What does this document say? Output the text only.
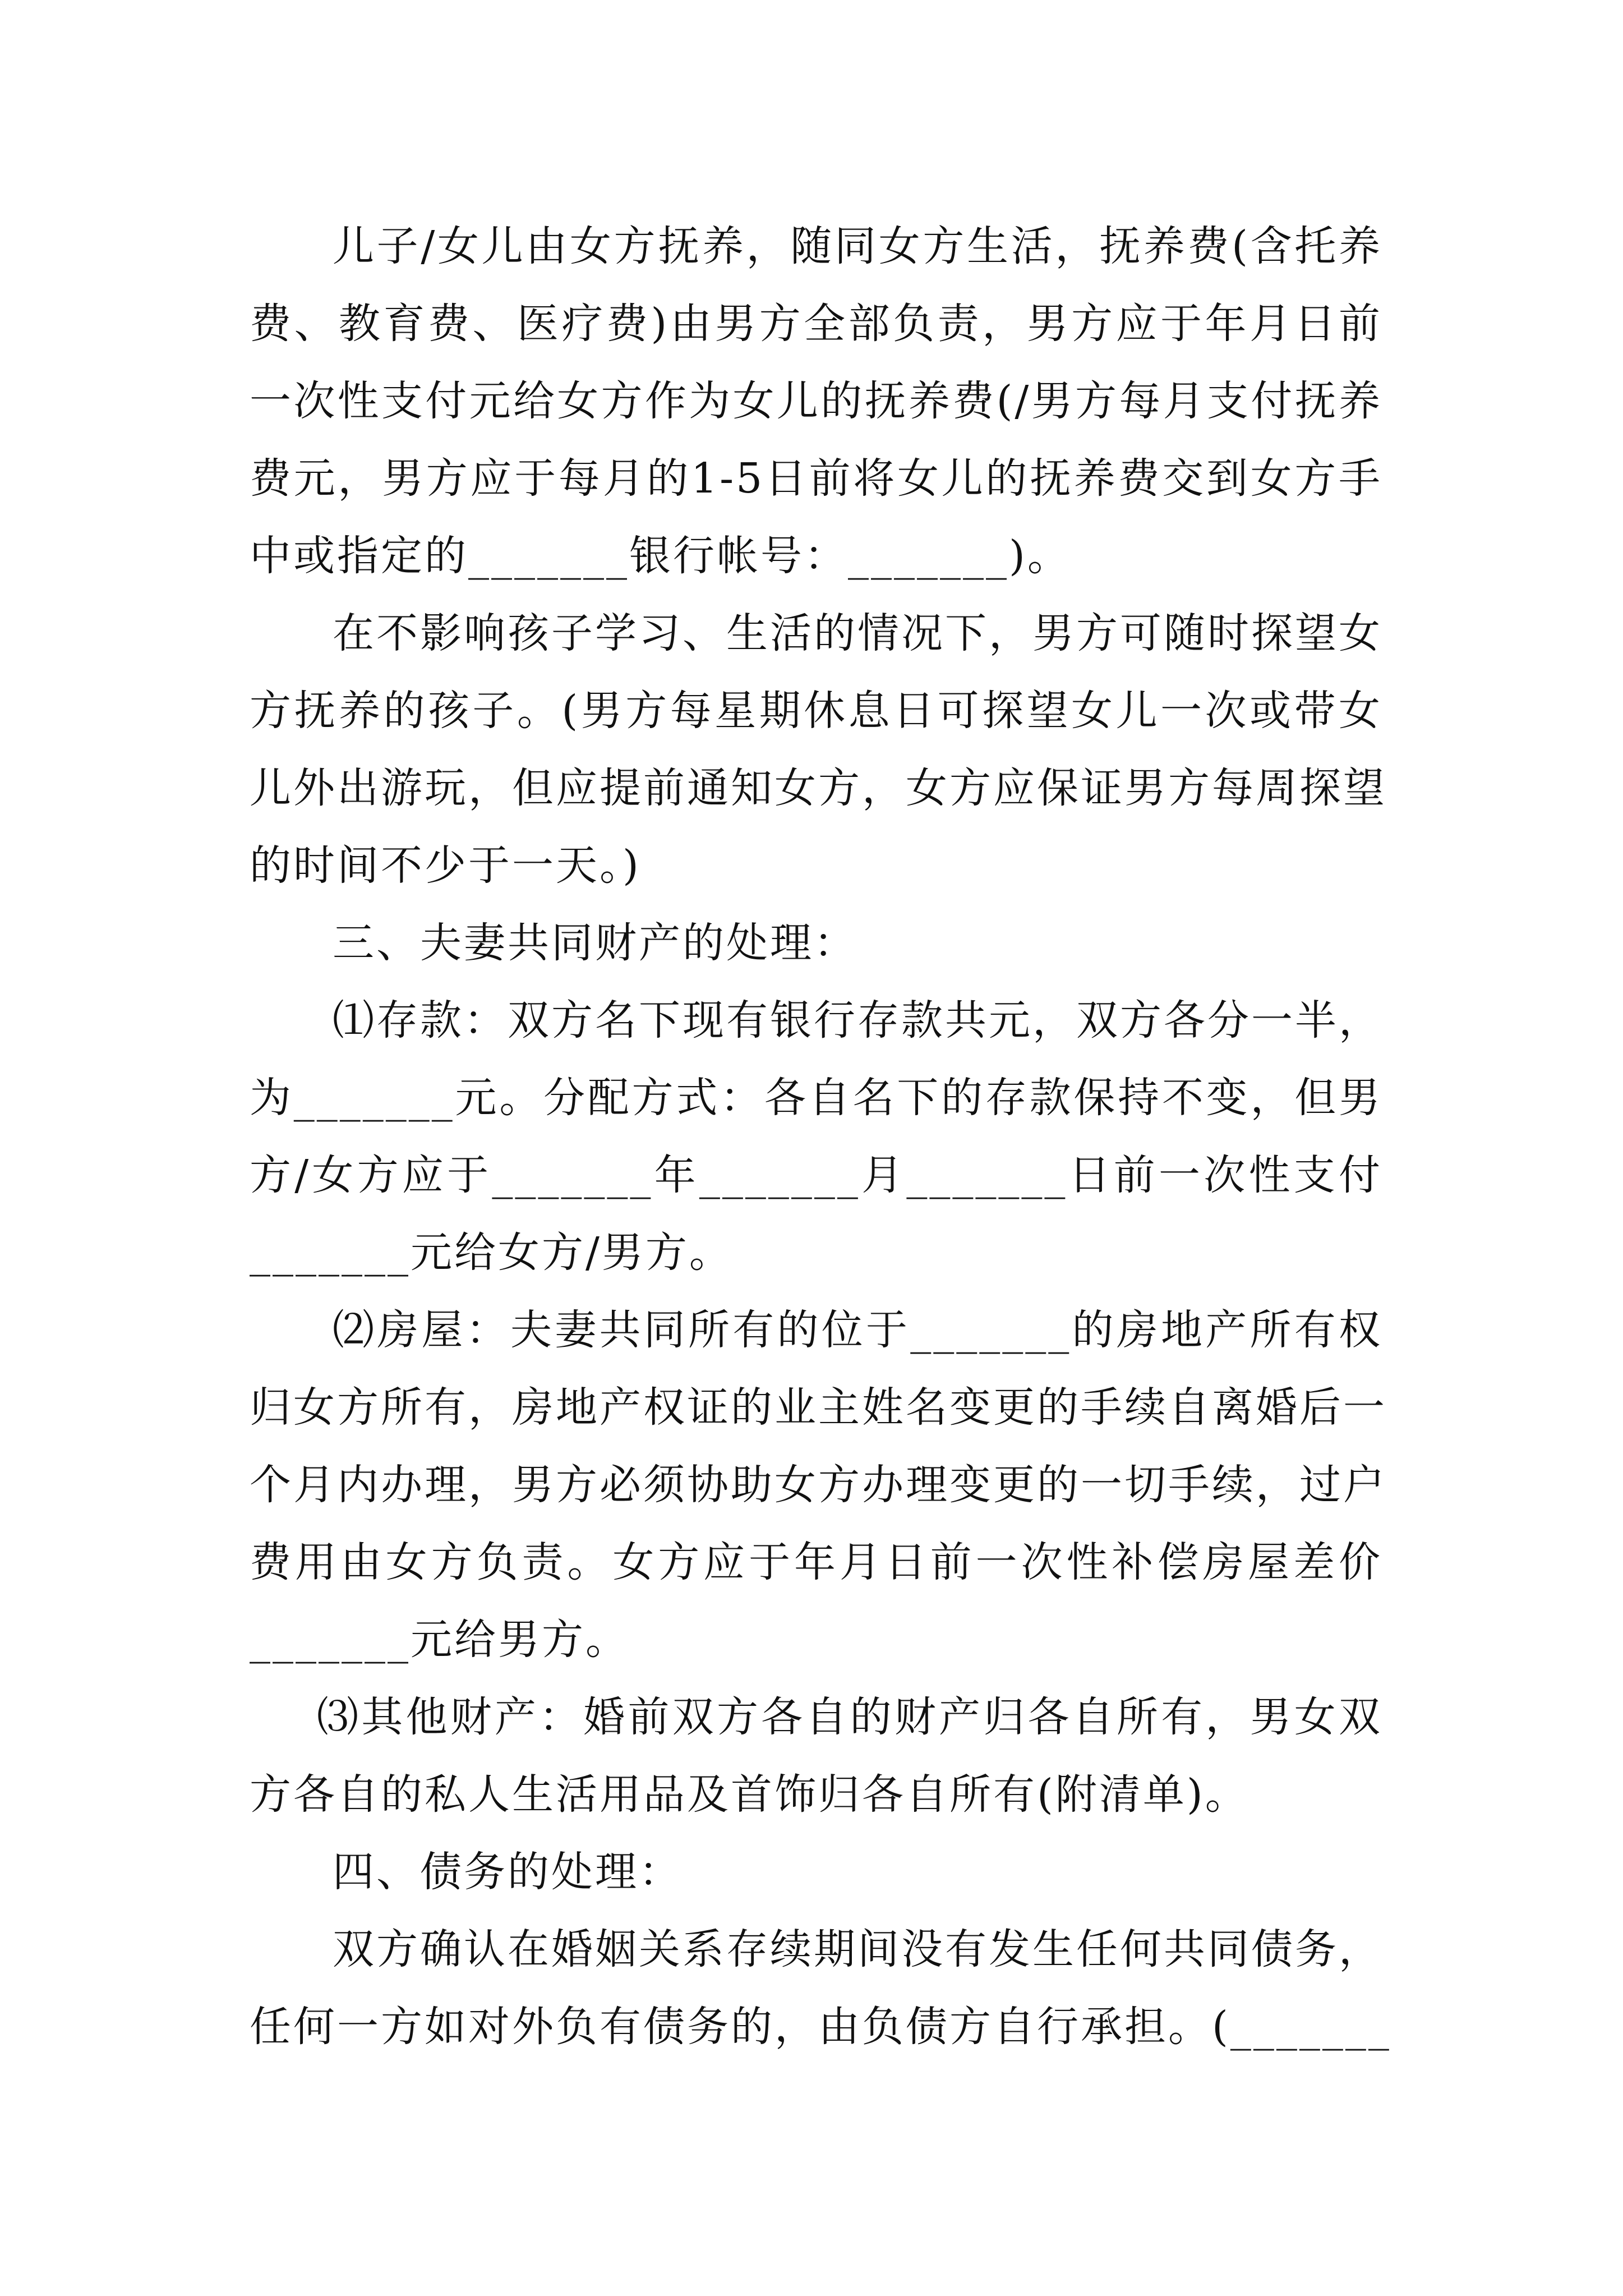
儿子/女儿由女方抚养，随同女方生活，抚养费(含托养
费、教育费、医疗费)由男方全部负责，男方应于年月日前
一次性支付元给女方作为女儿的抚养费(/男方每月支付抚养
费元，男方应于每月的1-5日前将女儿的抚养费交到女方手
中或指定的_______银行帐号：_______)。
在不影响孩子学习、生活的情况下，男方可随时探望女
方抚养的孩子。(男方每星期休息日可探望女儿一次或带女
儿外出游玩，但应提前通知女方，女方应保证男方每周探望
的时间不少于一天。)
三、夫妻共同财产的处理：
⑴存款：双方名下现有银行存款共元，双方各分一半，
为_______元。分配方式：各自名下的存款保持不变，但男
方/女方应于_______年_______月_______日前一次性支付
_______元给女方/男方。
⑵房屋：夫妻共同所有的位于_______的房地产所有权
归女方所有，房地产权证的业主姓名变更的手续自离婚后一
个月内办理，男方必须协助女方办理变更的一切手续，过户
费用由女方负责。女方应于年月日前一次性补偿房屋差价
_______元给男方。
⑶其他财产：婚前双方各自的财产归各自所有，男女双
方各自的私人生活用品及首饰归各自所有(附清单)。
四、债务的处理：
双方确认在婚姻关系存续期间没有发生任何共同债务，
任何一方如对外负有债务的，由负债方自行承担。(_______
